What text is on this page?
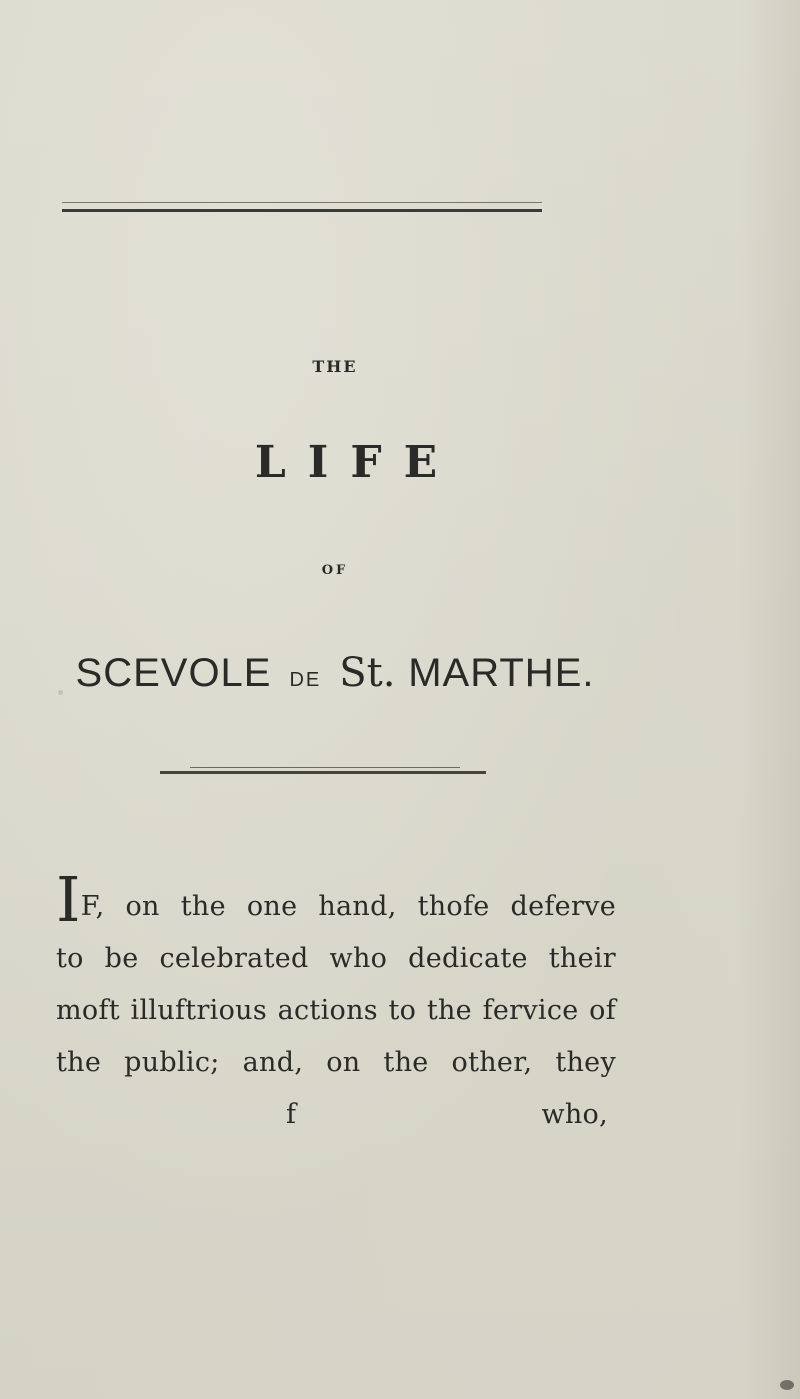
THE
LIFE
OF
SCEVOLE DE St. MARTHE.
IF, on the one hand, thofe deferve
to be celebrated who dedicate their
moft illuftrious actions to the fervice of
the public; and, on the other, they
f	who,
